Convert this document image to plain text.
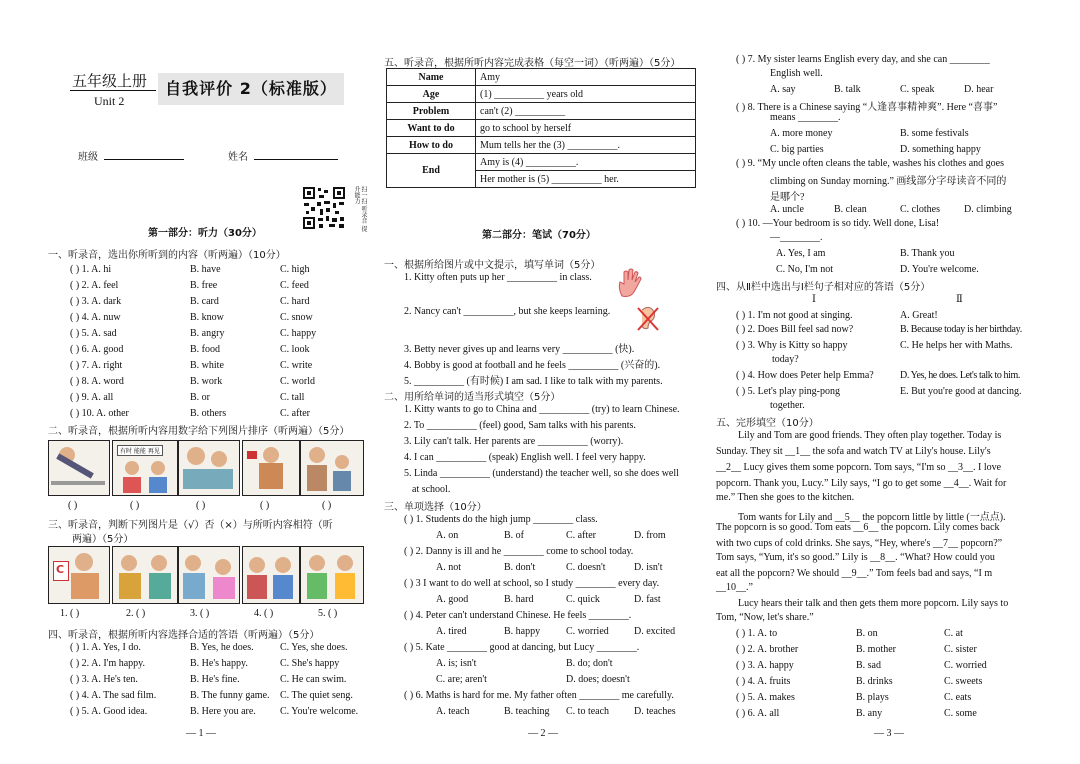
五年级上册
Unit 2
自我评价 2（标准版）
班级	姓名
扫一扫 听录音 提升能力
第一部分：听力（30分）
一、听录音，选出你所听到的内容（听两遍）（10分）
( ) 1. A. hi	B. have	C. high
( ) 2. A. feel	B. free	C. feed
( ) 3. A. dark	B. card	C. hard
( ) 4. A. nuw	B. know	C. snow
( ) 5. A. sad	B. angry	C. happy
( ) 6. A. good	B. food	C. look
( ) 7. A. right	B. white	C. write
( ) 8. A. word	B. work	C. world
( ) 9. A. all	B. or	C. tall
( ) 10. A. other	B. others	C. after
二、听录音，根据所听内容用数字给下列图片排序（听两遍）（5分）
有时 能能 再见
( )	( )	( )	( )	( )
三、听录音，判断下列图片是（√）否（×）与所听内容相符（听
两遍）（5分）
C
1. ( )	2. ( )	3. ( )	4. ( )	5. ( )
四、听录音，根据所听内容选择合适的答语（听两遍）（5分）
( ) 1. A. Yes, I do.	B. Yes, he does.	C. Yes, she does.
( ) 2. A. I'm happy.	B. He's happy.	C. She's happy
( ) 3. A. He's ten.	B. He's fine.	C. He can swim.
( ) 4. A. The sad film.	B. The funny game. C. The quiet seng.
( ) 5. A. Good idea.	B. Here you are. C. You're welcome.
— 1 —
五、听录音，根据所听内容完成表格（每空一词）（听两遍）（5分）
Name	Amy
Age	(1) __________ years old
Problem	can't (2) __________
Want to do	go to school by herself
How to do	Mum tells her the (3) __________.
End	Amy is (4) __________.
	Her mother is (5) __________ her.
第二部分：笔试（70分）
一、根据所给图片或中文提示，填写单词（5分）
1. Kitty often puts up her __________ in class.
2. Nancy can't __________, but she keeps learning.
3. Betty never gives up and learns very __________ (快).
4. Bobby is good at football and he feels __________ (兴奋的).
5. __________ (有时候) I am sad. I like to talk with my parents.
二、用所给单词的适当形式填空（5分）
1. Kitty wants to go to China and __________ (try) to learn Chinese.
2. To __________ (feel) good, Sam talks with his parents.
3. Lily can't talk. Her parents are __________ (worry).
4. I can __________ (speak) English well. I feel very happy.
5. Linda __________ (understand) the teacher well, so she does well
at school.
三、单项选择（10分）
( ) 1. Students do the high jump ________ class.
A. on	B. of	C. after	D. from
( ) 2. Danny is ill and he ________ come to school today.
A. not	B. don't	C. doesn't	D. isn't
( ) 3 I want to do well at school, so I study ________ every day.
A. good	B. hard	C. quick	D. fast
( ) 4. Peter can't understand Chinese. He feels ________.
A. tired	B. happy	C. worried	D. excited
( ) 5. Kate ________ good at dancing, but Lucy ________.
A. is; isn't	B. do; don't
C. are; aren't	D. does; doesn't
( ) 6. Maths is hard for me. My father often ________ me carefully.
A. teach	B. teaching C. to teach D. teaches
— 2 —
( ) 7. My sister learns English every day, and she can ________
English well.
A. say	B. talk	C. speak	D. hear
( ) 8. There is a Chinese saying “人逢喜事精神爽”. Here “喜事”
means ________.
A. more money	B. some festivals
C. big parties	D. something happy
( ) 9. “My uncle often cleans the table, washes his clothes and goes
climbing on Sunday morning.” 画线部分字母读音不同的
是哪个?
A. uncle	B. clean	C. clothes D. climbing
( ) 10. —Your bedroom is so tidy. Well done, Lisa!
—________.
A. Yes, I am	B. Thank you
C. No, I'm not	D. You're welcome.
四、从Ⅱ栏中选出与Ⅰ栏句子相对应的答语（5分）
Ⅰ	Ⅱ
( ) 1. I'm not good at singing.	A. Great!
( ) 2. Does Bill feel sad now?	B. Because today is her birthday.
( ) 3. Why is Kitty so happy	C. He helps her with Maths.
today?
( ) 4. How does Peter help Emma?	D. Yes, he does. Let's talk to him.
( ) 5. Let's play ping-pong	E. But you're good at dancing.
together.
五、完形填空（10分）
Lily and Tom are good friends. They often play together. Today is
Sunday. They sit __1__ the sofa and watch TV at Lily's house. Lily's
__2__ Lucy gives them some popcorn. Tom says, “I'm so __3__. I love
popcorn. Thank you, Lucy.” Lily says, “I go to get some __4__. Wait for
me.” Then she goes to the kitchen.
Tom wants for Lily and __5__ the popcorn little by little (一点点).
The popcorn is so good. Tom eats __6__ the popcorn. Lily comes back
with two cups of cold drinks. She says, “Hey, where's __7__ popcorn?”
Tom says, “Yum, it's so good.” Lily is __8__. “What? How could you
eat all the popcorn? We should __9__.” Tom feels bad and says, “I m
__10__.”
Lucy hears their talk and then gets them more popcorn. Lily says to
Tom, “Now, let's share.”
( ) 1. A. to	B. on	C. at
( ) 2. A. brother	B. mother	C. sister
( ) 3. A. happy	B. sad	C. worried
( ) 4. A. fruits	B. drinks	C. sweets
( ) 5. A. makes	B. plays	C. eats
( ) 6. A. all	B. any	C. some
— 3 —
